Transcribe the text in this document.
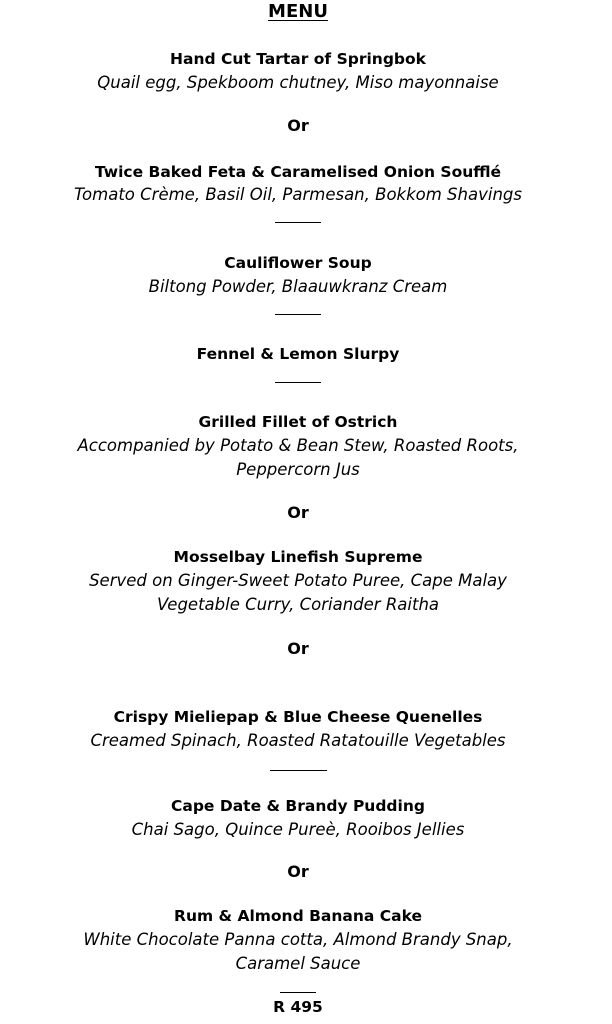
MENU
Hand Cut Tartar of Springbok
Quail egg, Spekboom chutney, Miso mayonnaise
Or
Twice Baked Feta & Caramelised Onion Soufflé
Tomato Crème, Basil Oil, Parmesan, Bokkom Shavings
Cauliflower Soup
Biltong Powder, Blaauwkranz Cream
Fennel & Lemon Slurpy
Grilled Fillet of Ostrich
Accompanied by Potato & Bean Stew, Roasted Roots,
Peppercorn Jus
Or
Mosselbay Linefish Supreme
Served on Ginger-Sweet Potato Puree, Cape Malay
Vegetable Curry, Coriander Raitha
Or
Crispy Mieliepap & Blue Cheese Quenelles
Creamed Spinach, Roasted Ratatouille Vegetables
Cape Date & Brandy Pudding
Chai Sago, Quince Pureè, Rooibos Jellies
Or
Rum & Almond Banana Cake
White Chocolate Panna cotta, Almond Brandy Snap,
Caramel Sauce
R 495
